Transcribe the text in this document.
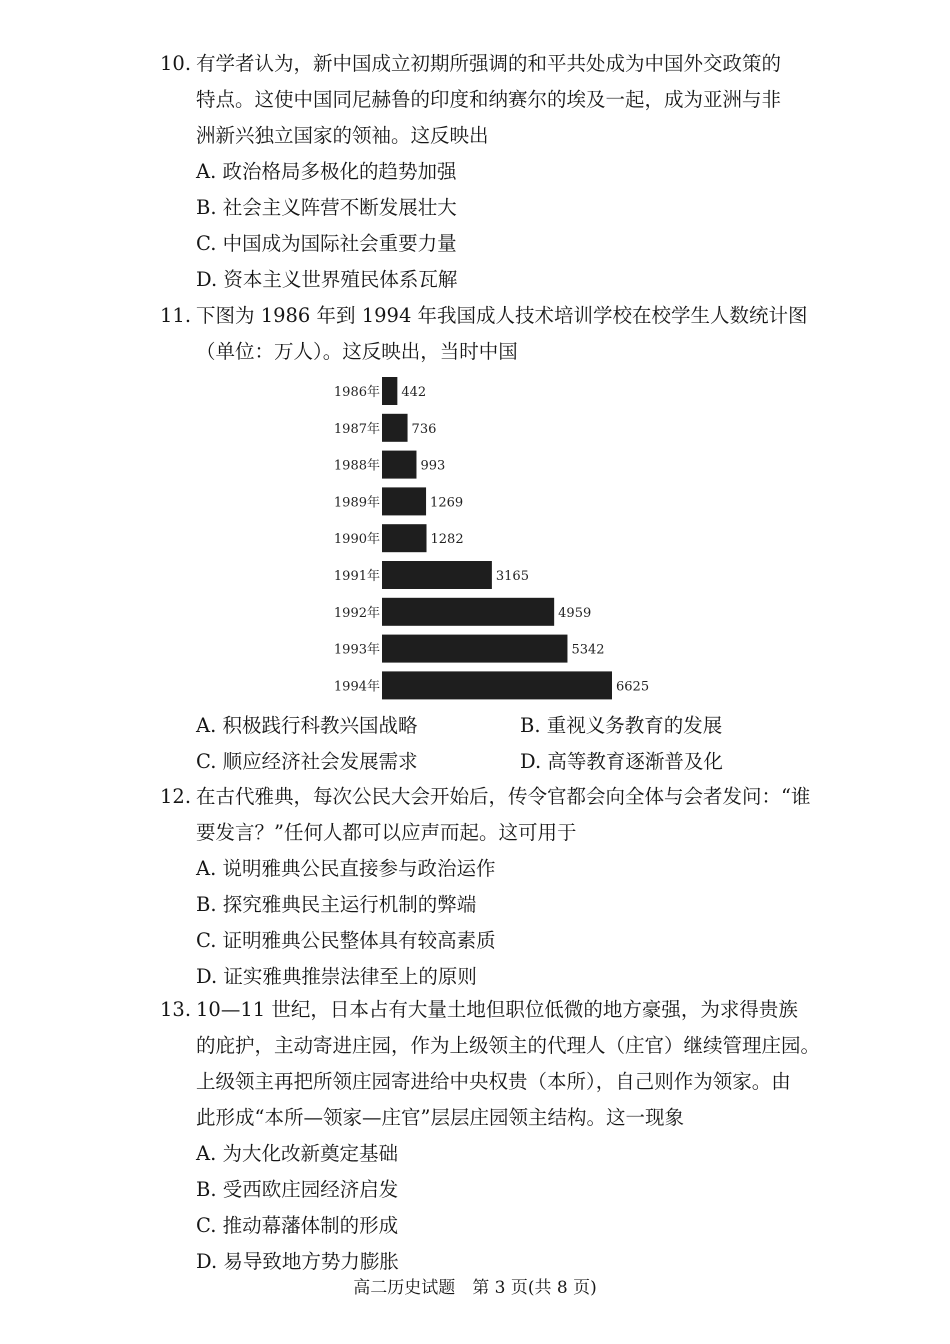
10. 有学者认为，新中国成立初期所强调的和平共处成为中国外交政策的
特点。这使中国同尼赫鲁的印度和纳赛尔的埃及一起，成为亚洲与非
洲新兴独立国家的领袖。这反映出
A. 政治格局多极化的趋势加强
B. 社会主义阵营不断发展壮大
C. 中国成为国际社会重要力量
D. 资本主义世界殖民体系瓦解
11. 下图为 1986 年到 1994 年我国成人技术培训学校在校学生人数统计图
（单位：万人）。这反映出，当时中国
1986年 442
1987年 736
1988年	993
1989年	1269
1990年	1282
1991年	3165
1992年	4959
1993年	5342
1994年	6625
A. 积极践行科教兴国战略	B. 重视义务教育的发展
C. 顺应经济社会发展需求	D. 高等教育逐渐普及化
12. 在古代雅典，每次公民大会开始后，传令官都会向全体与会者发问：“谁
要发言？”任何人都可以应声而起。这可用于
A. 说明雅典公民直接参与政治运作
B. 探究雅典民主运行机制的弊端
C. 证明雅典公民整体具有较高素质
D. 证实雅典推崇法律至上的原则
13. 10—11 世纪，日本占有大量土地但职位低微的地方豪强，为求得贵族
的庇护，主动寄进庄园，作为上级领主的代理人（庄官）继续管理庄园。
上级领主再把所领庄园寄进给中央权贵（本所），自己则作为领家。由
此形成“本所—领家—庄官”层层庄园领主结构。这一现象
A. 为大化改新奠定基础
B. 受西欧庄园经济启发
C. 推动幕藩体制的形成
D. 易导致地方势力膨胀
高二历史试题　第 3 页(共 8 页)
